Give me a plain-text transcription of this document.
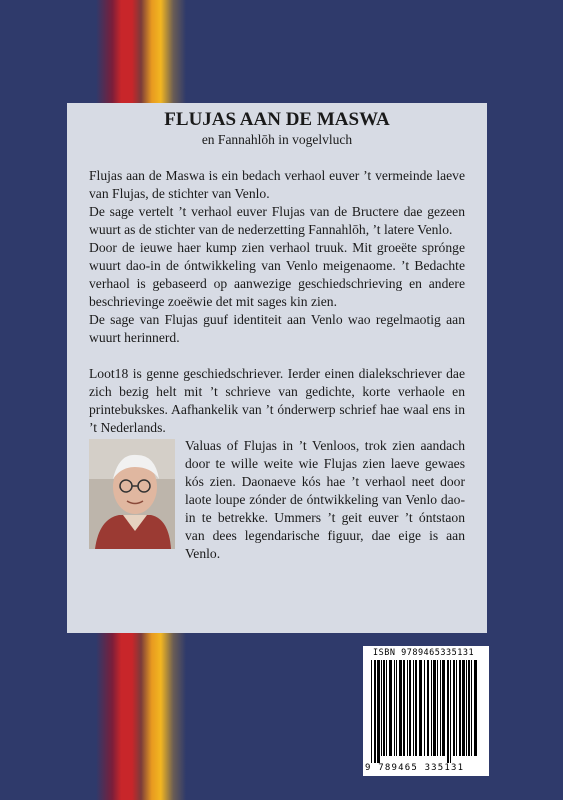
FLUJAS AAN DE MASWA
en Fannahlōh in vogelvluch

Flujas aan de Maswa is ein bedach verhaol euver ’t vermeinde laeve van Flujas, de stichter van Venlo.

De sage vertelt ’t verhaol euver Flujas van de Bructere dae gezeen wuurt as de stichter van de nederzetting Fannahlōh, ’t latere Venlo.

Door de ieuwe haer kump zien verhaol truuk. Mit groeëte sprónge wuurt dao-in de óntwikkeling van Venlo meigenaome. ’t Bedachte verhaol is gebaseerd op aanwezige geschiedschrieving en andere beschrievinge zoeëwie det mit sages kin zien.

De sage van Flujas guuf identiteit aan Venlo wao regelmaotig aan wuurt herinnerd.

Loot18 is genne geschiedschriever. Ierder einen dialekschriever dae zich bezig helt mit ’t schrieve van gedichte, korte verhaole en printebukskes. Aafhankelik van ’t ónderwerp schrief hae waal ens in ’t Nederlands.

Valuas of Flujas in ’t Venloos, trok zien aandach door te wille weite wie Flujas zien laeve gewaes kós zien. Daonaeve kós hae ’t verhaol neet door laote loupe zónder de óntwikkeling van Venlo dao-in te betrekke. Ummers ’t geit euver ’t óntstaon van dees legendarische figuur, dae eige is aan Venlo.

ISBN 9789465335131
9 789465 335131
